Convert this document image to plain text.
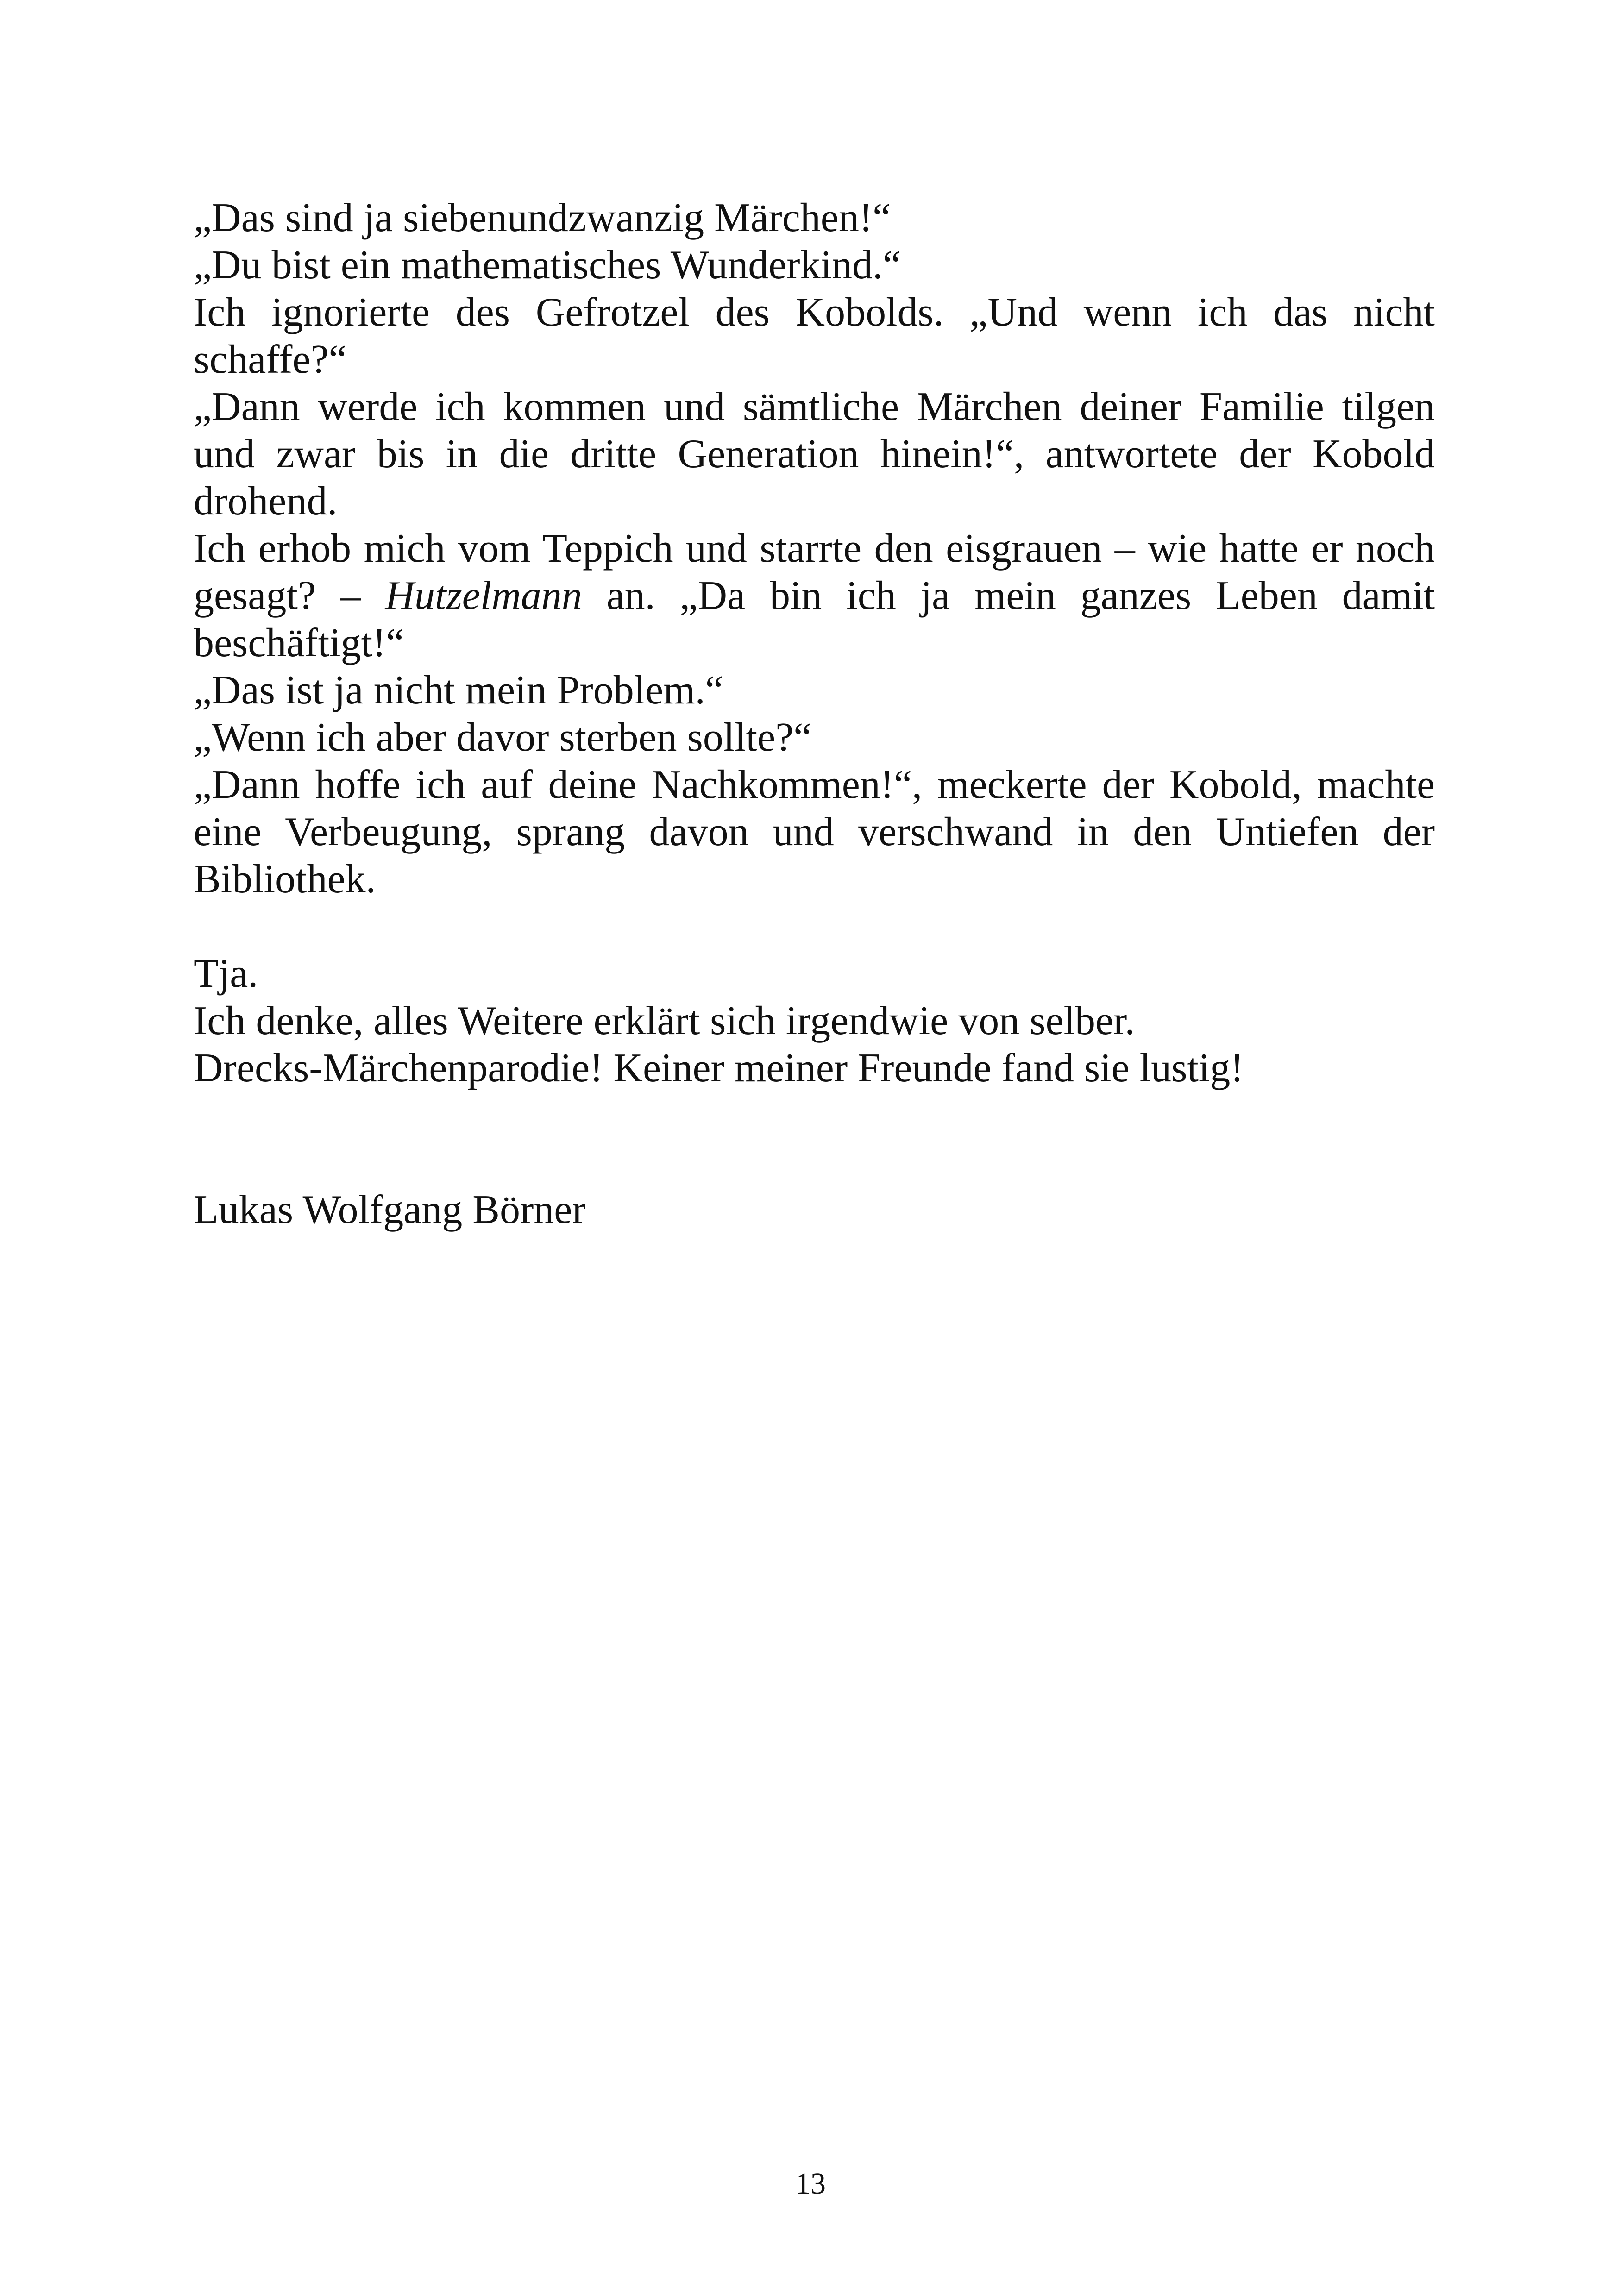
„Das sind ja siebenundzwanzig Märchen!“

„Du bist ein mathematisches Wunderkind.“

Ich ignorierte des Gefrotzel des Kobolds. „Und wenn ich das nicht schaffe?“

„Dann werde ich kommen und sämtliche Märchen deiner Familie tilgen und zwar bis in die dritte Generation hinein!“, antwortete der Kobold drohend.

Ich erhob mich vom Teppich und starrte den eisgrauen – wie hatte er noch gesagt? – Hutzelmann an. „Da bin ich ja mein ganzes Leben damit beschäftigt!“

„Das ist ja nicht mein Problem.“

„Wenn ich aber davor sterben sollte?“

„Dann hoffe ich auf deine Nachkommen!“, meckerte der Kobold, machte eine Verbeugung, sprang davon und verschwand in den Untiefen der Bibliothek.

Tja.

Ich denke, alles Weitere erklärt sich irgendwie von selber.

Drecks-Märchenparodie! Keiner meiner Freunde fand sie lustig!

Lukas Wolfgang Börner

13
